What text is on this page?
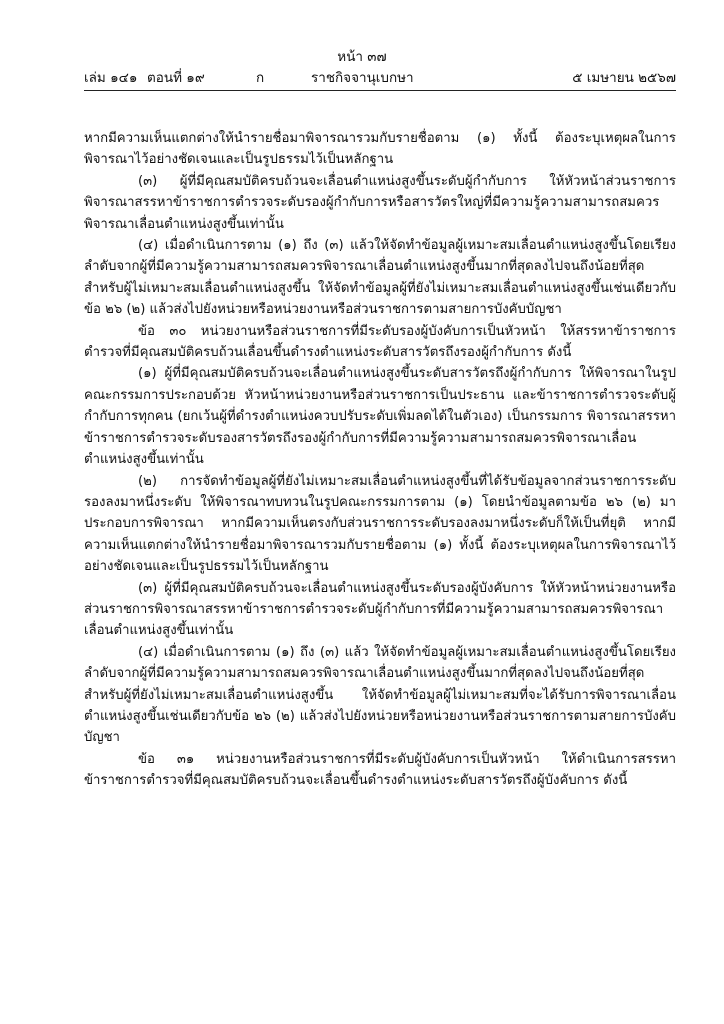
หน้า ๓๗
เล่ม ๑๔๑ ตอนที่ ๑๙	ก	ราชกิจจานุเบกษา	๕ เมษายน ๒๕๖๗

หากมีความเห็นแตกต่างให้นำรายชื่อมาพิจารณารวมกับรายชื่อตาม (๑) ทั้งนี้ ต้องระบุเหตุผลในการพิจารณาไว้อย่างชัดเจนและเป็นรูปธรรมไว้เป็นหลักฐาน

(๓) ผู้ที่มีคุณสมบัติครบถ้วนจะเลื่อนตำแหน่งสูงขึ้นระดับผู้กำกับการ ให้หัวหน้าส่วนราชการพิจารณาสรรหาข้าราชการตำรวจระดับรองผู้กำกับการหรือสารวัตรใหญ่ที่มีความรู้ความสามารถสมควรพิจารณาเลื่อนตำแหน่งสูงขึ้นเท่านั้น

(๔) เมื่อดำเนินการตาม (๑) ถึง (๓) แล้วให้จัดทำข้อมูลผู้เหมาะสมเลื่อนตำแหน่งสูงขึ้นโดยเรียงลำดับจากผู้ที่มีความรู้ความสามารถสมควรพิจารณาเลื่อนตำแหน่งสูงขึ้นมากที่สุดลงไปจนถึงน้อยที่สุด สำหรับผู้ไม่เหมาะสมเลื่อนตำแหน่งสูงขึ้น ให้จัดทำข้อมูลผู้ที่ยังไม่เหมาะสมเลื่อนตำแหน่งสูงขึ้นเช่นเดียวกับข้อ ๒๖ (๒) แล้วส่งไปยังหน่วยหรือหน่วยงานหรือส่วนราชการตามสายการบังคับบัญชา

ข้อ ๓๐ หน่วยงานหรือส่วนราชการที่มีระดับรองผู้บังคับการเป็นหัวหน้า ให้สรรหาข้าราชการตำรวจที่มีคุณสมบัติครบถ้วนเลื่อนขึ้นดำรงตำแหน่งระดับสารวัตรถึงรองผู้กำกับการ ดังนี้

(๑) ผู้ที่มีคุณสมบัติครบถ้วนจะเลื่อนตำแหน่งสูงขึ้นระดับสารวัตรถึงผู้กำกับการ ให้พิจารณาในรูปคณะกรรมการประกอบด้วย หัวหน้าหน่วยงานหรือส่วนราชการเป็นประธาน และข้าราชการตำรวจระดับผู้กำกับการทุกคน (ยกเว้นผู้ที่ดำรงตำแหน่งควบปรับระดับเพิ่มลดได้ในตัวเอง) เป็นกรรมการ พิจารณาสรรหาข้าราชการตำรวจระดับรองสารวัตรถึงรองผู้กำกับการที่มีความรู้ความสามารถสมควรพิจารณาเลื่อนตำแหน่งสูงขึ้นเท่านั้น

(๒) การจัดทำข้อมูลผู้ที่ยังไม่เหมาะสมเลื่อนตำแหน่งสูงขึ้นที่ได้รับข้อมูลจากส่วนราชการระดับรองลงมาหนึ่งระดับ ให้พิจารณาทบทวนในรูปคณะกรรมการตาม (๑) โดยนำข้อมูลตามข้อ ๒๖ (๒) มาประกอบการพิจารณา หากมีความเห็นตรงกับส่วนราชการระดับรองลงมาหนึ่งระดับก็ให้เป็นที่ยุติ หากมีความเห็นแตกต่างให้นำรายชื่อมาพิจารณารวมกับรายชื่อตาม (๑) ทั้งนี้ ต้องระบุเหตุผลในการพิจารณาไว้อย่างชัดเจนและเป็นรูปธรรมไว้เป็นหลักฐาน

(๓) ผู้ที่มีคุณสมบัติครบถ้วนจะเลื่อนตำแหน่งสูงขึ้นระดับรองผู้บังคับการ ให้หัวหน้าหน่วยงานหรือส่วนราชการพิจารณาสรรหาข้าราชการตำรวจระดับผู้กำกับการที่มีความรู้ความสามารถสมควรพิจารณาเลื่อนตำแหน่งสูงขึ้นเท่านั้น

(๔) เมื่อดำเนินการตาม (๑) ถึง (๓) แล้ว ให้จัดทำข้อมูลผู้เหมาะสมเลื่อนตำแหน่งสูงขึ้นโดยเรียงลำดับจากผู้ที่มีความรู้ความสามารถสมควรพิจารณาเลื่อนตำแหน่งสูงขึ้นมากที่สุดลงไปจนถึงน้อยที่สุด สำหรับผู้ที่ยังไม่เหมาะสมเลื่อนตำแหน่งสูงขึ้น ให้จัดทำข้อมูลผู้ไม่เหมาะสมที่จะได้รับการพิจารณาเลื่อนตำแหน่งสูงขึ้นเช่นเดียวกับข้อ ๒๖ (๒) แล้วส่งไปยังหน่วยหรือหน่วยงานหรือส่วนราชการตามสายการบังคับบัญชา

ข้อ ๓๑ หน่วยงานหรือส่วนราชการที่มีระดับผู้บังคับการเป็นหัวหน้า ให้ดำเนินการสรรหาข้าราชการตำรวจที่มีคุณสมบัติครบถ้วนจะเลื่อนขึ้นดำรงตำแหน่งระดับสารวัตรถึงผู้บังคับการ ดังนี้
